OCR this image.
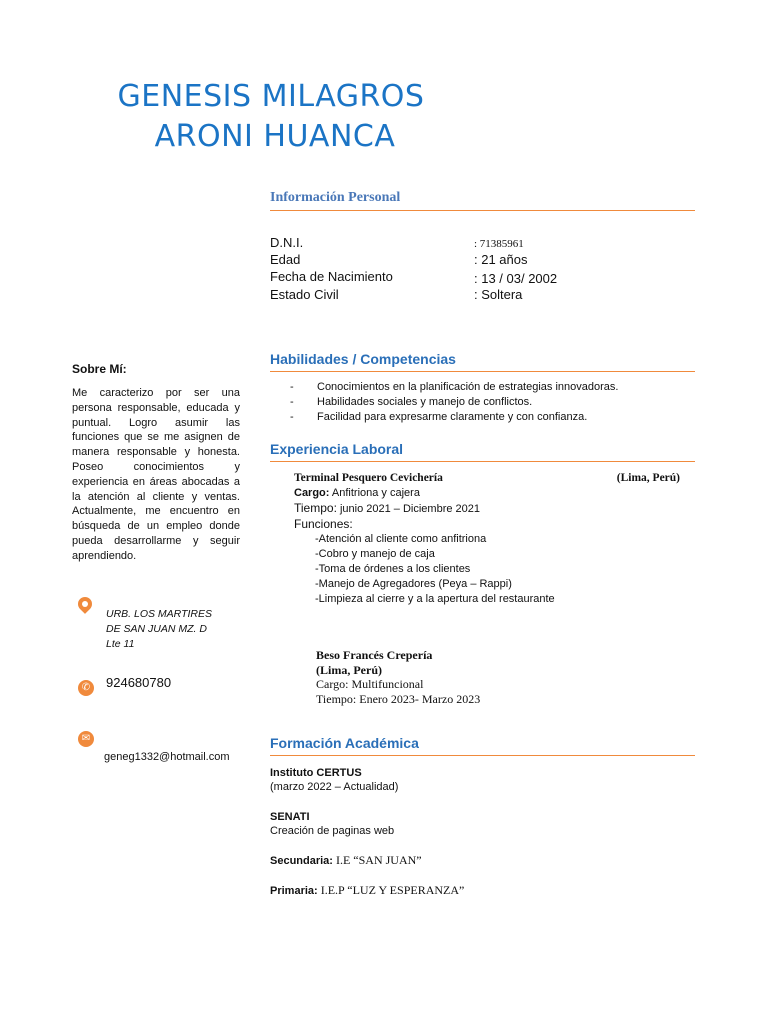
GENESIS MILAGROS
ARONI HUANCA
Información Personal
D.N.I.	: 71385961
Edad	: 21 años
Fecha de Nacimiento	: 13 / 03/ 2002
Estado Civil	: Soltera
Sobre Mí:
Me caracterizo por ser una persona responsable, educada y puntual. Logro asumir las funciones que se me asignen de manera responsable y honesta. Poseo conocimientos y experiencia en áreas abocadas a la atención al cliente y ventas. Actualmente, me encuentro en búsqueda de un empleo donde pueda desarrollarme y seguir aprendiendo.
URB. LOS MARTIRES
DE SAN JUAN MZ. D
Lte 11
✆ 924680780
✉
geneg1332@hotmail.com
Habilidades / Competencias
- Conocimientos en la planificación de estrategias innovadoras.
- Habilidades sociales y manejo de conflictos.
- Facilidad para expresarme claramente y con confianza.
Experiencia Laboral
Terminal Pesquero Cevichería	(Lima, Perú)
Cargo: Anfitriona y cajera
Tiempo: junio 2021 – Diciembre 2021
Funciones:
-Atención al cliente como anfitriona
-Cobro y manejo de caja
-Toma de órdenes a los clientes
-Manejo de Agregadores (Peya – Rappi)
-Limpieza al cierre y a la apertura del restaurante
Beso Francés Crepería
(Lima, Perú)
Cargo: Multifuncional
Tiempo: Enero 2023- Marzo 2023
Formación Académica
Instituto CERTUS
(marzo 2022 – Actualidad)
SENATI
Creación de paginas web
Secundaria: I.E “SAN JUAN”
Primaria: I.E.P “LUZ Y ESPERANZA”
